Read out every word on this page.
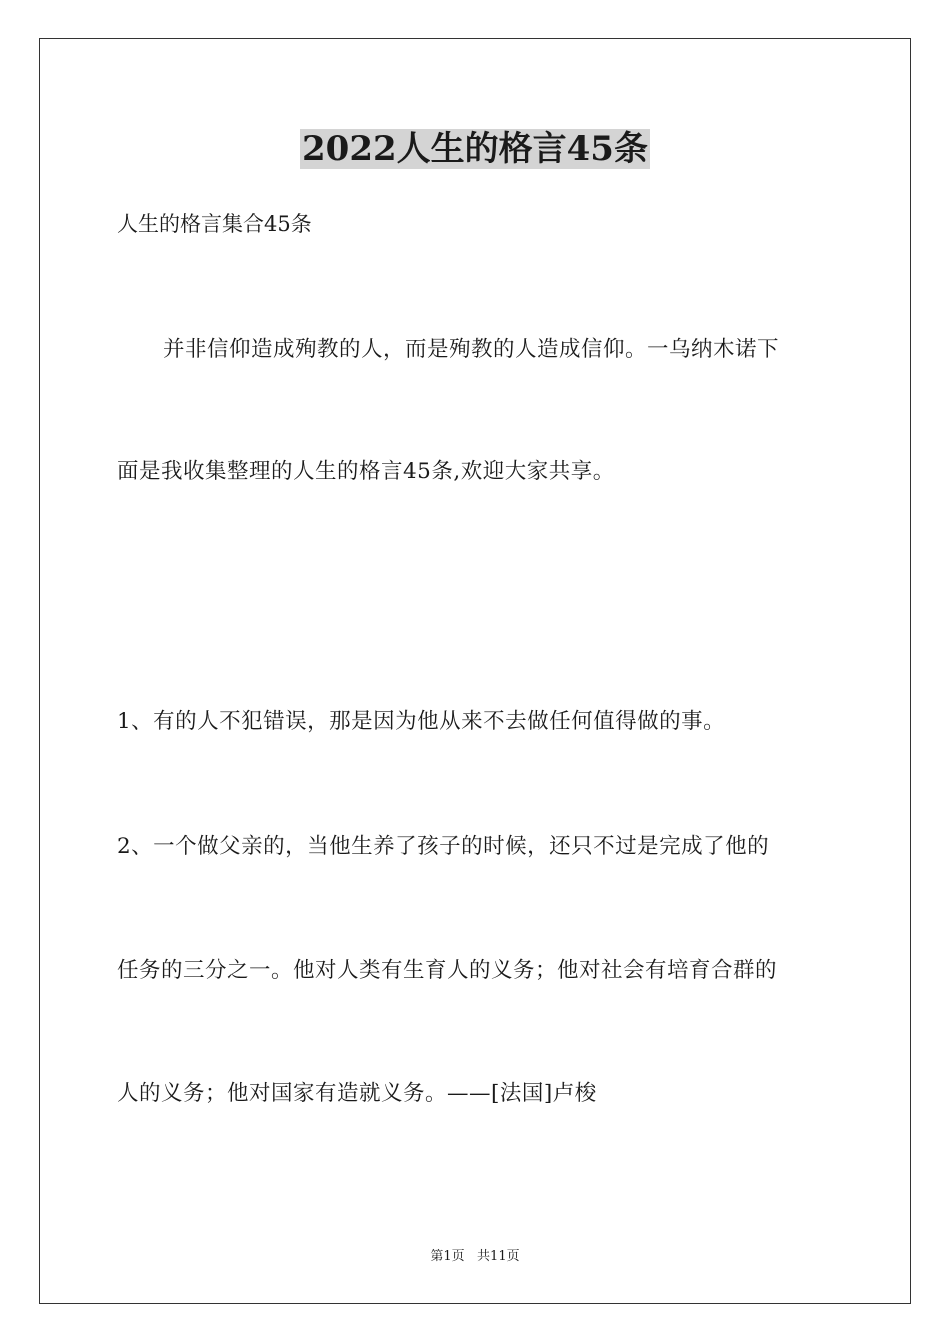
2022人生的格言45条
人生的格言集合45条
并非信仰造成殉教的人，而是殉教的人造成信仰。一乌纳木诺下
面是我收集整理的人生的格言45条,欢迎大家共享。
1、有的人不犯错误，那是因为他从来不去做任何值得做的事。
2、一个做父亲的，当他生养了孩子的时候，还只不过是完成了他的
任务的三分之一。他对人类有生育人的义务；他对社会有培育合群的
人的义务；他对国家有造就义务。——[法国]卢梭
第1页   共11页
